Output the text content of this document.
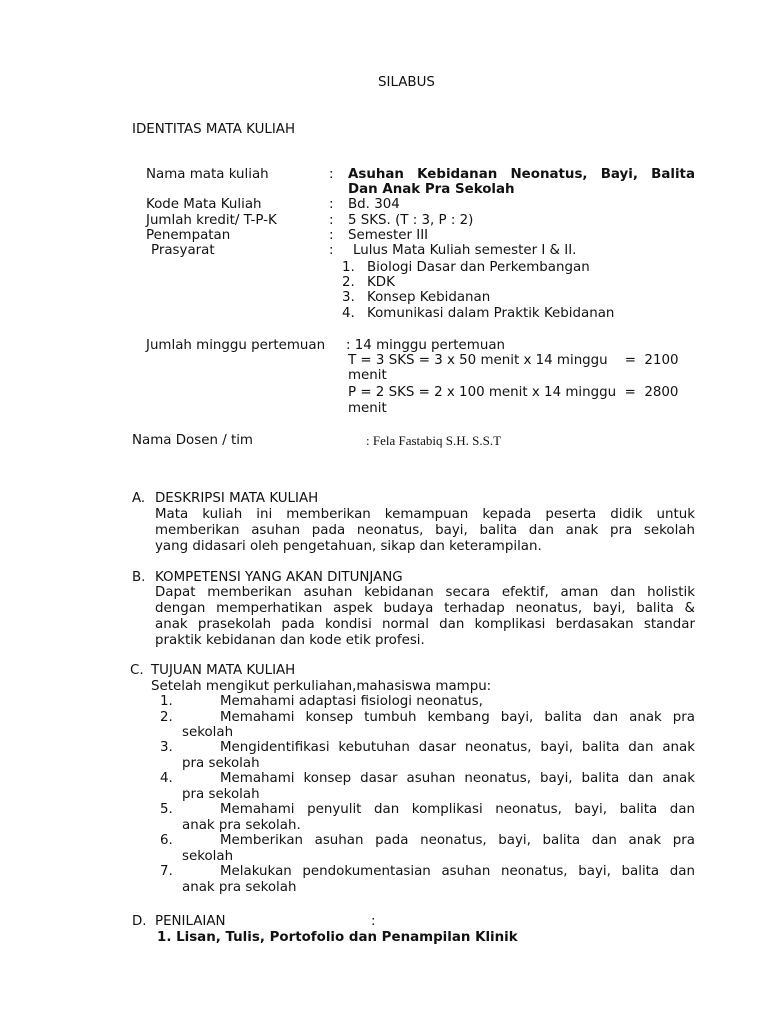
SILABUS
IDENTITAS MATA KULIAH
Nama mata kuliah	: Asuhan Kebidanan Neonatus, Bayi, Balita
Dan Anak Pra Sekolah
Kode Mata Kuliah	: Bd. 304
Jumlah kredit/ T-P-K	: 5 SKS. (T : 3, P : 2)
Penempatan	: Semester III
Prasyarat	: Lulus Mata Kuliah semester I & II.
1. Biologi Dasar dan Perkembangan
2. KDK
3. Konsep Kebidanan
4. Komunikasi dalam Praktik Kebidanan
Jumlah minggu pertemuan : 14 minggu pertemuan
T = 3 SKS = 3 x 50 menit x 14 minggu    =  2100
menit
P = 2 SKS = 2 x 100 menit x 14 minggu  =  2800
menit
Nama Dosen / tim	: Fela Fastabiq S.H. S.S.T
A. DESKRIPSI MATA KULIAH
Mata kuliah ini memberikan kemampuan kepada peserta didik untuk
memberikan asuhan pada neonatus, bayi, balita dan anak pra sekolah
yang didasari oleh pengetahuan, sikap dan keterampilan.
B. KOMPETENSI YANG AKAN DITUNJANG
Dapat memberikan asuhan kebidanan secara efektif, aman dan holistik
dengan memperhatikan aspek budaya terhadap neonatus, bayi, balita &
anak prasekolah pada kondisi normal dan komplikasi berdasakan standar
praktik kebidanan dan kode etik profesi.
C. TUJUAN MATA KULIAH
Setelah mengikut perkuliahan,mahasiswa mampu:
1.	Memahami adaptasi fisiologi neonatus,
2.	Memahami konsep tumbuh kembang bayi, balita dan anak pra
sekolah
3.	Mengidentifikasi kebutuhan dasar neonatus, bayi, balita dan anak
pra sekolah
4.	Memahami konsep dasar asuhan neonatus, bayi, balita dan anak
pra sekolah
5.	Memahami penyulit dan komplikasi neonatus, bayi, balita dan
anak pra sekolah.
6.	Memberikan asuhan pada neonatus, bayi, balita dan anak pra
sekolah
7.	Melakukan pendokumentasian asuhan neonatus, bayi, balita dan
anak pra sekolah
D. PENILAIAN	:
1. Lisan, Tulis, Portofolio dan Penampilan Klinik
